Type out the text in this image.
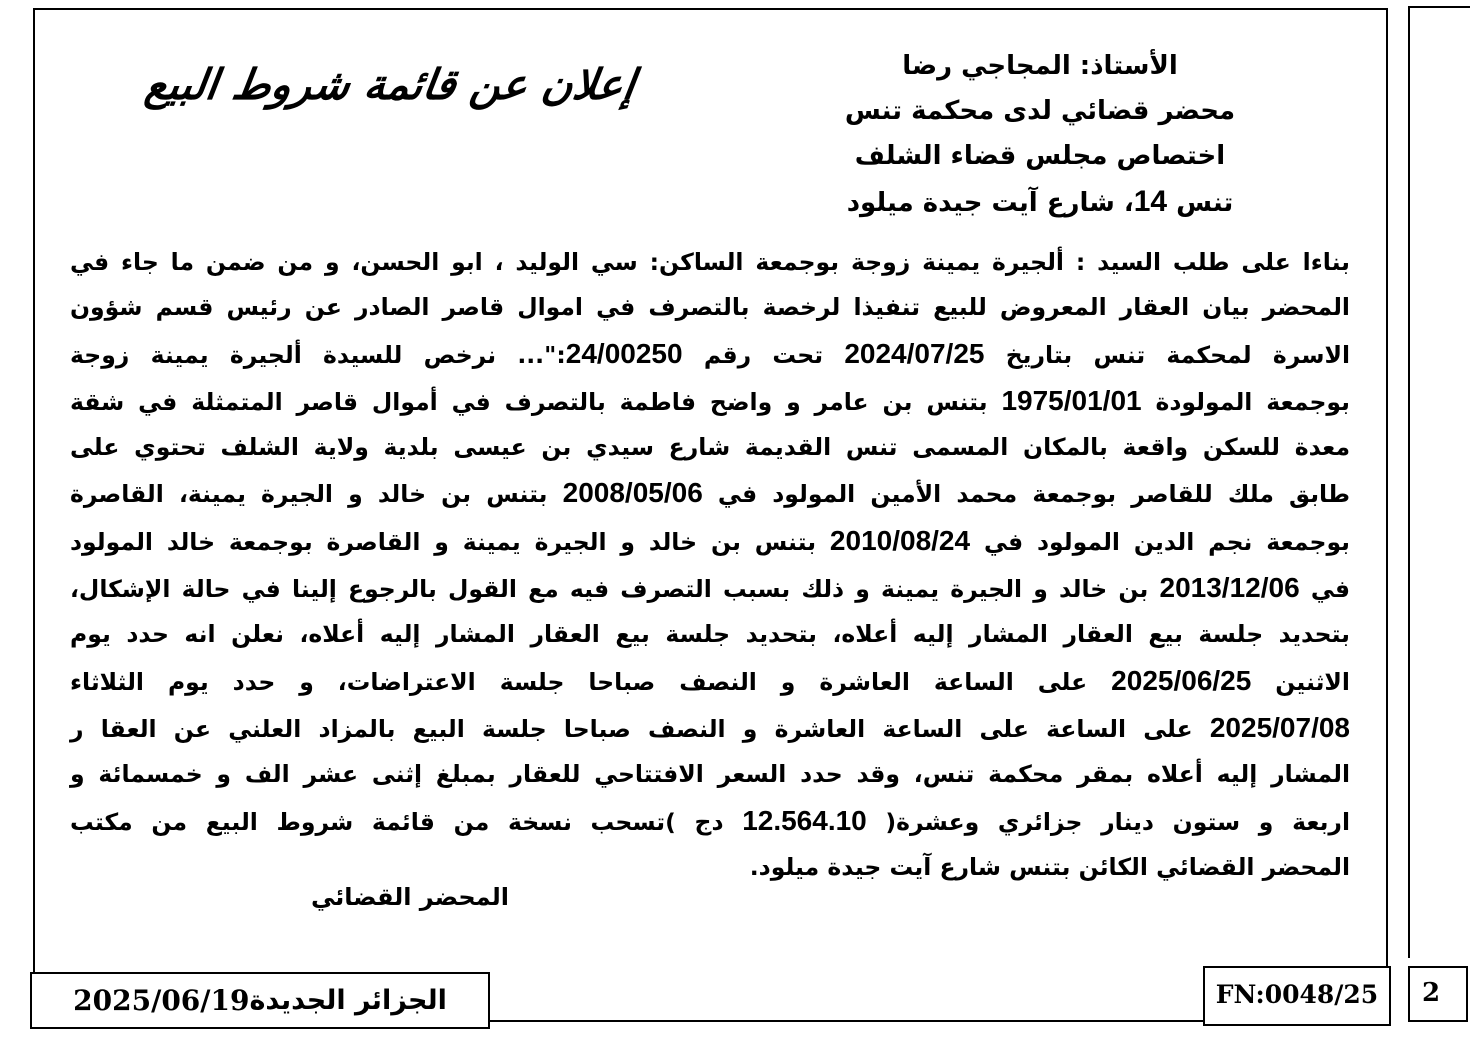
2
إعلان عن قائمة شروط البيع	الأستاذ: المجاجي رضا
محضر قضائي لدى محكمة تنس
اختصاص مجلس قضاء الشلف
تنس 14، شارع آيت جيدة ميلود
بناءا على طلب السيد : ألجيرة يمينة زوجة بوجمعة الساكن: سي الوليد ، ابو الحسن، و من ضمن ما جاء في
المحضر بيان العقار المعروض للبيع تنفيذا لرخصة بالتصرف في اموال قاصر الصادر عن رئيس قسم شؤون
الاسرة لمحكمة تنس بتاريخ 2024/07/25 تحت رقم 24/00250:"... نرخص للسيدة ألجيرة يمينة زوجة
بوجمعة المولودة 1975/01/01 بتنس بن عامر و واضح فاطمة بالتصرف في أموال قاصر المتمثلة في شقة
معدة للسكن واقعة بالمكان المسمى تنس القديمة شارع سيدي بن عيسى بلدية ولاية الشلف تحتوي على
طابق ملك للقاصر بوجمعة محمد الأمين المولود في 2008/05/06 بتنس بن خالد و الجيرة يمينة، القاصرة
بوجمعة نجم الدين المولود في 2010/08/24 بتنس بن خالد و الجيرة يمينة و القاصرة بوجمعة خالد المولود
في 2013/12/06 بن خالد و الجيرة يمينة و ذلك بسبب التصرف فيه مع القول بالرجوع إلينا في حالة الإشكال،
بتحديد جلسة بيع العقار المشار إليه أعلاه، بتحديد جلسة بيع العقار المشار إليه أعلاه، نعلن انه حدد يوم
الاثنين 2025/06/25 على الساعة العاشرة و النصف صباحا جلسة الاعتراضات، و حدد يوم الثلاثاء
2025/07/08 على الساعة على الساعة العاشرة و النصف صباحا جلسة البيع بالمزاد العلني عن العقا ر
المشار إليه أعلاه بمقر محكمة تنس، وقد حدد السعر الافتتاحي للعقار بمبلغ إثنى عشر الف و خمسمائة و
اربعة و ستون دينار جزائري وعشرة( 12.564.10 دج )تسحب نسخة من قائمة شروط البيع من مكتب
المحضر القضائي الكائن بتنس شارع آيت جيدة ميلود.
المحضر القضائي
الجزائر الجديدة
2025/06/19	FN:0048/25
